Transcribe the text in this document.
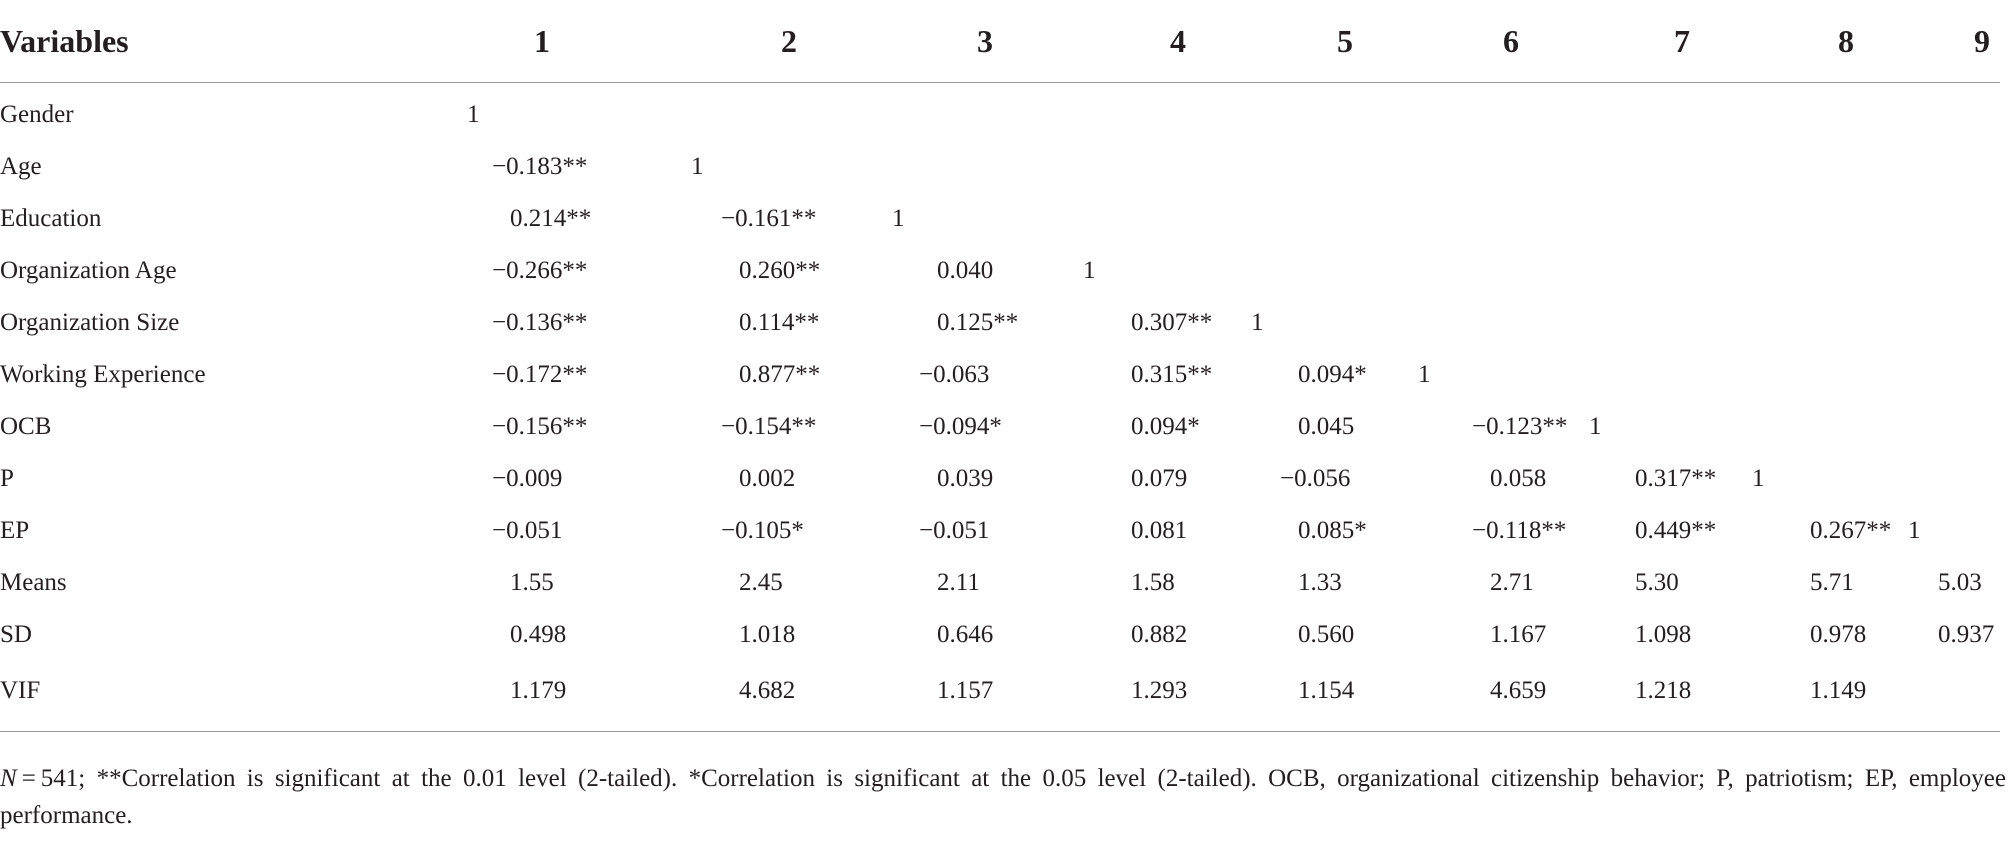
Variables	1	2	3	4	5	6	7	8	9
Gender	1								
Age	−0.183**	1							
Education	0.214**	−0.161**	1						
Organization Age	−0.266**	0.260**	0.040	1					
Organization Size	−0.136**	0.114**	0.125**	0.307**	1				
Working Experience	−0.172**	0.877**	−0.063	0.315**	0.094*	1			
OCB	−0.156**	−0.154**	−0.094*	0.094*	0.045	−0.123**	1		
P	−0.009	0.002	0.039	0.079	−0.056	0.058	0.317**	1	
EP	−0.051	−0.105*	−0.051	0.081	0.085*	−0.118**	0.449**	0.267**	1
Means	1.55	2.45	2.11	1.58	1.33	2.71	5.30	5.71	5.03
SD	0.498	1.018	0.646	0.882	0.560	1.167	1.098	0.978	0.937
VIF	1.179	4.682	1.157	1.293	1.154	4.659	1.218	1.149	
N = 541; **Correlation is significant at the 0.01 level (2-tailed). *Correlation is significant at the 0.05 level (2-tailed). OCB, organizational citizenship behavior; P, patriotism; EP, employee performance.
